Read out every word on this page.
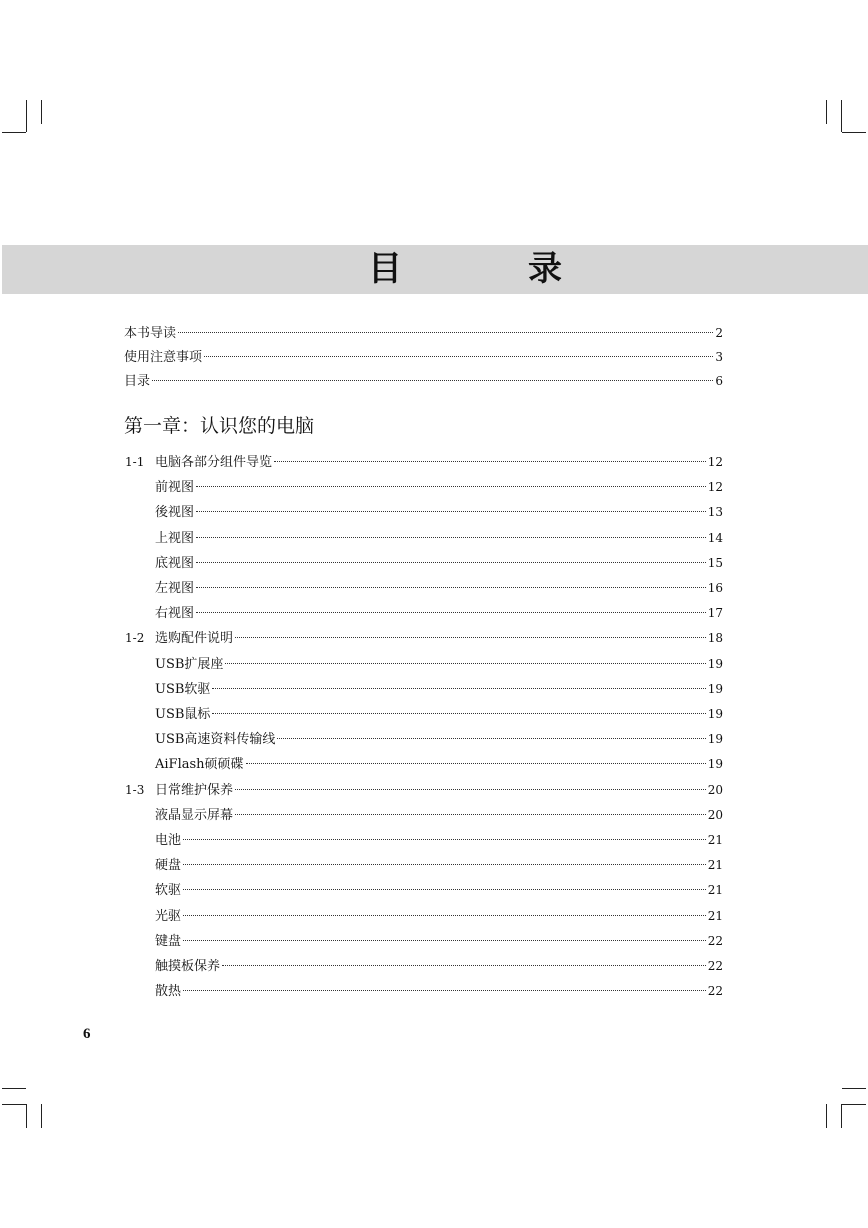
目　录
本书导读	2
使用注意事项	3
目录	6
第一章：认识您的电脑
1-1 电脑各部分组件导览	12
前视图	12
後视图	13
上视图	14
底视图	15
左视图	16
右视图	17
1-2 选购配件说明	18
USB扩展座	19
USB软驱	19
USB鼠标	19
USB高速资料传输线	19
AiFlash硕硕碟	19
1-3 日常维护保养	20
液晶显示屏幕	20
电池	21
硬盘	21
软驱	21
光驱	21
键盘	22
触摸板保养	22
散热	22
6
